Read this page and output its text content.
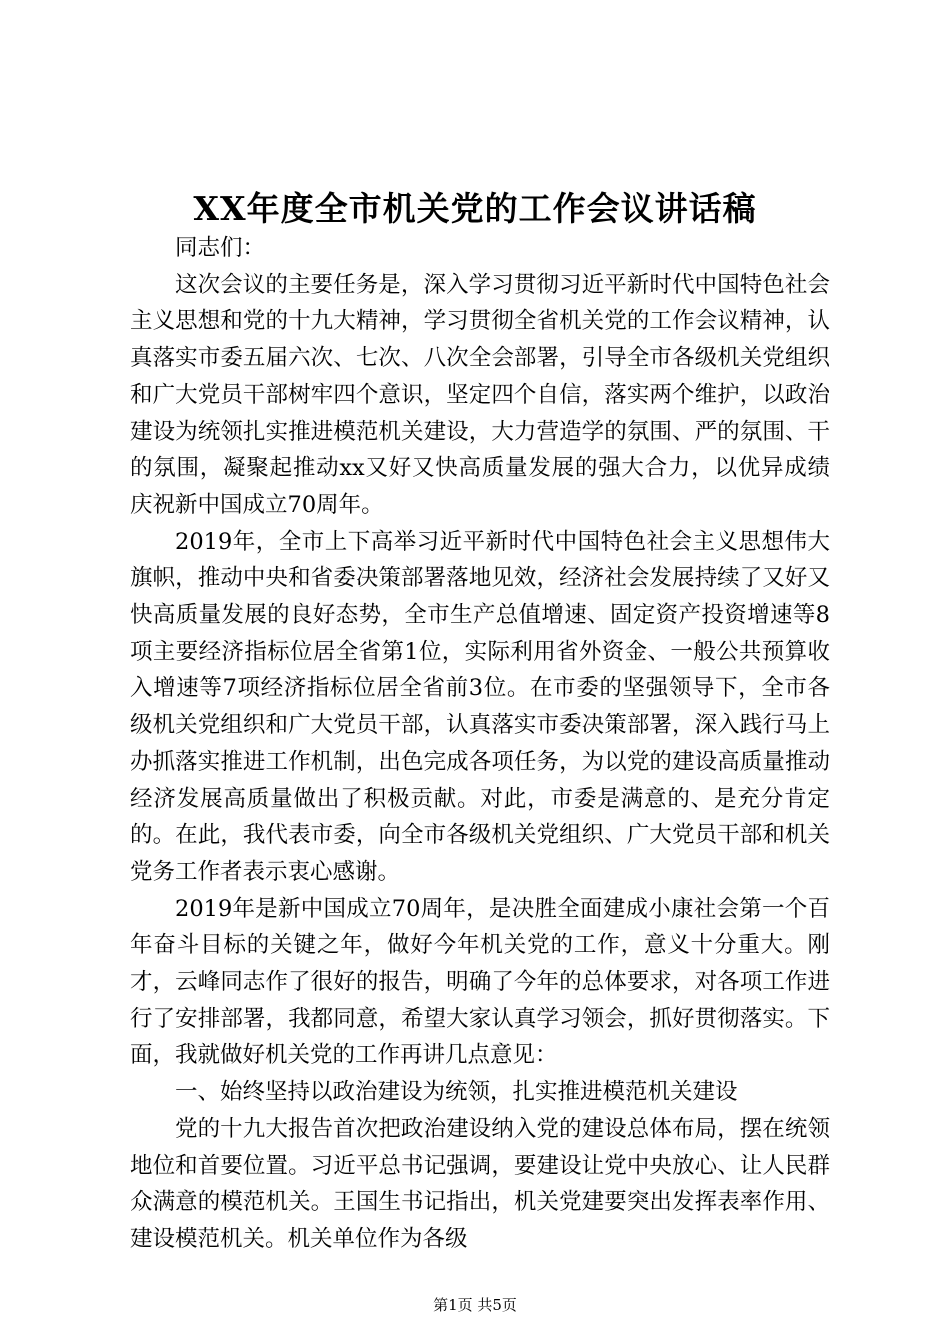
XX年度全市机关党的工作会议讲话稿

同志们：

这次会议的主要任务是，深入学习贯彻习近平新时代中国特色社会主义思想和党的十九大精神，学习贯彻全省机关党的工作会议精神，认真落实市委五届六次、七次、八次全会部署，引导全市各级机关党组织和广大党员干部树牢四个意识，坚定四个自信，落实两个维护，以政治建设为统领扎实推进模范机关建设，大力营造学的氛围、严的氛围、干的氛围，凝聚起推动xx又好又快高质量发展的强大合力，以优异成绩庆祝新中国成立70周年。

2019年，全市上下高举习近平新时代中国特色社会主义思想伟大旗帜，推动中央和省委决策部署落地见效，经济社会发展持续了又好又快高质量发展的良好态势，全市生产总值增速、固定资产投资增速等8项主要经济指标位居全省第1位，实际利用省外资金、一般公共预算收入增速等7项经济指标位居全省前3位。在市委的坚强领导下，全市各级机关党组织和广大党员干部，认真落实市委决策部署，深入践行马上办抓落实推进工作机制，出色完成各项任务，为以党的建设高质量推动经济发展高质量做出了积极贡献。对此，市委是满意的、是充分肯定的。在此，我代表市委，向全市各级机关党组织、广大党员干部和机关党务工作者表示衷心感谢。

2019年是新中国成立70周年，是决胜全面建成小康社会第一个百年奋斗目标的关键之年，做好今年机关党的工作，意义十分重大。刚才，云峰同志作了很好的报告，明确了今年的总体要求，对各项工作进行了安排部署，我都同意，希望大家认真学习领会，抓好贯彻落实。下面，我就做好机关党的工作再讲几点意见：

一、始终坚持以政治建设为统领，扎实推进模范机关建设

党的十九大报告首次把政治建设纳入党的建设总体布局，摆在统领地位和首要位置。习近平总书记强调，要建设让党中央放心、让人民群众满意的模范机关。王国生书记指出，机关党建要突出发挥表率作用、建设模范机关。机关单位作为各级

第1页 共5页
